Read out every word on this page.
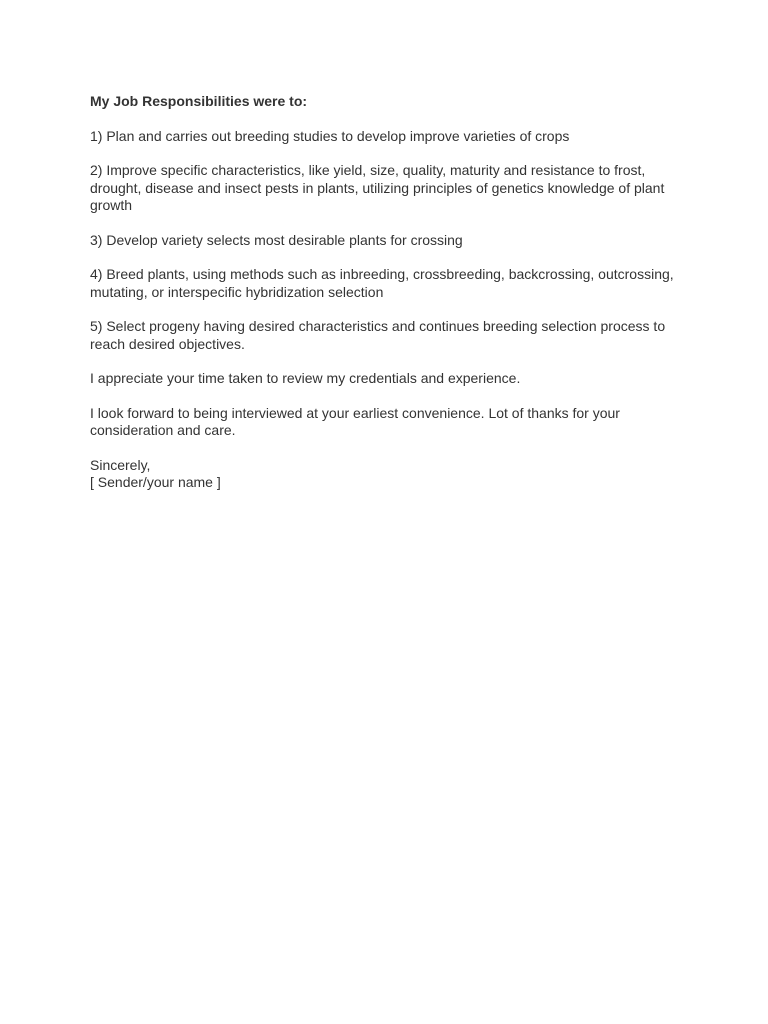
My Job Responsibilities were to:

1) Plan and carries out breeding studies to develop improve varieties of crops

2) Improve specific characteristics, like yield, size, quality, maturity and resistance to frost, drought, disease and insect pests in plants, utilizing principles of genetics knowledge of plant growth

3) Develop variety selects most desirable plants for crossing

4) Breed plants, using methods such as inbreeding, crossbreeding, backcrossing, outcrossing, mutating, or interspecific hybridization selection

5) Select progeny having desired characteristics and continues breeding selection process to reach desired objectives.

I appreciate your time taken to review my credentials and experience.

I look forward to being interviewed at your earliest convenience. Lot of thanks for your consideration and care.

Sincerely,

[ Sender/your name ]
